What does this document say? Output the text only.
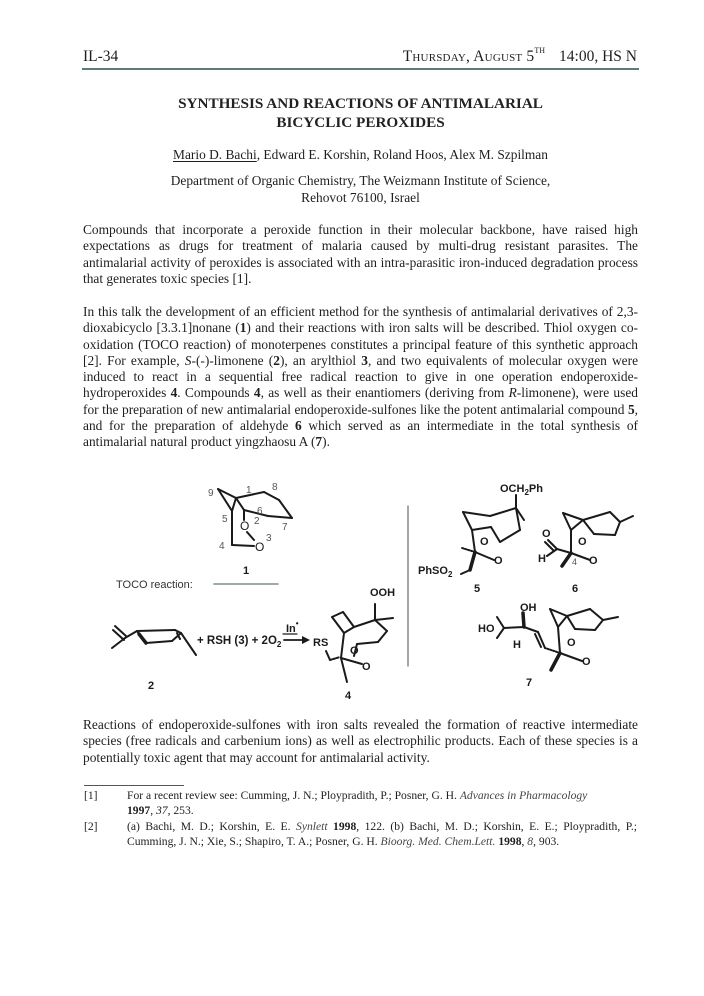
IL-34	Thursday, August 5TH 14:00, HS N
SYNTHESIS AND REACTIONS OF ANTIMALARIAL
BICYCLIC PEROXIDES
Mario D. Bachi, Edward E. Korshin, Roland Hoos, Alex M. Szpilman
Department of Organic Chemistry, The Weizmann Institute of Science,
Rehovot 76100, Israel
Compounds that incorporate a peroxide function in their molecular backbone, have raised high expectations as drugs for treatment of malaria caused by multi-drug resistant parasites. The antimalarial activity of peroxides is associated with an intra-parasitic iron-induced degradation process that generates toxic species [1].
In this talk the development of an efficient method for the synthesis of antimalarial derivatives of 2,3-dioxabicyclo [3.3.1]nonane (1) and their reactions with iron salts will be described. Thiol oxygen co-oxidation (TOCO reaction) of monoterpenes constitutes a principal feature of this synthetic approach [2]. For example, S-(-)-limonene (2), an arylthiol 3, and two equivalents of molecular oxygen were induced to react in a sequential free radical reaction to give in one operation endoperoxide-hydroperoxides 4. Compounds 4, as well as their enantiomers (deriving from R-limonene), were used for the preparation of new antimalarial endoperoxide-sulfones like the potent antimalarial compound 5, and for the preparation of aldehyde 6 which served as an intermediate in the total synthesis of antimalarial natural product yingzhaosu A (7).
1
2
3
4
5
6
7
8
9
O
O
1
TOCO reaction:
2
+ RSH $(3) + 2O_2$
In•
OOH
RS
O
O
4
$OCH_2Ph$
O
O
PhSO$_2$
5
O
H
O
O
4
6
HO
OH
H	O
O
7
Reactions of endoperoxide-sulfones with iron salts revealed the formation of reactive intermediate species (free radicals and carbenium ions) as well as electrophilic products. Each of these species is a potentially toxic agent that may account for antimalarial activity.
[1]	For a recent review see: Cumming, J. N.; Ploypradith, P.; Posner, G. H. Advances in Pharmacology
1997, 37, 253.
[2]	(a) Bachi, M. D.; Korshin, E. E. Synlett 1998, 122. (b) Bachi, M. D.; Korshin, E. E.; Ploypradith, P.; Cumming, J. N.; Xie, S.; Shapiro, T. A.; Posner, G. H. Bioorg. Med. Chem.Lett. 1998, 8, 903.
